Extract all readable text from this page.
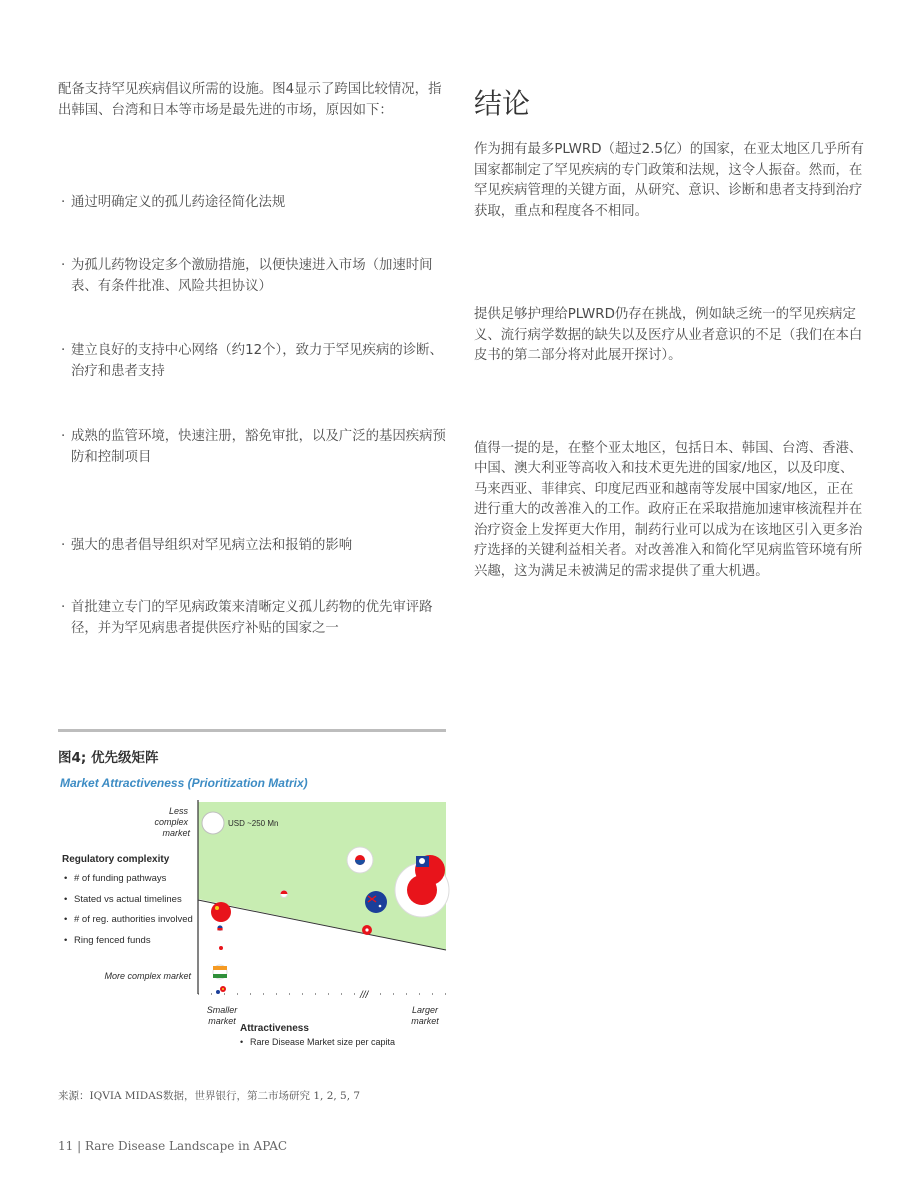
配备支持罕见疾病倡议所需的设施。图4显示了跨国比较情况，指出韩国、台湾和日本等市场是最先进的市场，原因如下：

· 通过明确定义的孤儿药途径简化法规
· 为孤儿药物设定多个激励措施，以便快速进入市场（加速时间表、有条件批准、风险共担协议）
· 建立良好的支持中心网络（约12个），致力于罕见疾病的诊断、治疗和患者支持
· 成熟的监管环境，快速注册，豁免审批，以及广泛的基因疾病预防和控制项目
· 强大的患者倡导组织对罕见病立法和报销的影响
· 首批建立专门的罕见病政策来清晰定义孤儿药物的优先审评路径，并为罕见病患者提供医疗补贴的国家之一
结论

作为拥有最多PLWRD（超过2.5亿）的国家，在亚太地区几乎所有国家都制定了罕见疾病的专门政策和法规，这令人振奋。然而，在罕见疾病管理的关键方面，从研究、意识、诊断和患者支持到治疗获取，重点和程度各不相同。

提供足够护理给PLWRD仍存在挑战，例如缺乏统一的罕见疾病定义、流行病学数据的缺失以及医疗从业者意识的不足（我们在本白皮书的第二部分将对此展开探讨）。

值得一提的是，在整个亚太地区，包括日本、韩国、台湾、香港、中国、澳大利亚等高收入和技术更先进的国家/地区，以及印度、马来西亚、菲律宾、印度尼西亚和越南等发展中国家/地区，正在进行重大的改善准入的工作。政府正在采取措施加速审核流程并在治疗资金上发挥更大作用，制药行业可以成为在该地区引入更多治疗选择的关键利益相关者。对改善准入和简化罕见病监管环境有所兴趣，这为满足未被满足的需求提供了重大机遇。

图4; 优先级矩阵
Market Attractiveness (Prioritization Matrix)
Less
complex
market
Regulatory complexity
• # of funding pathways
• Stated vs actual timelines
• # of reg. authorities involved
• Ring fenced funds
More complex market
Smaller
market
Larger
market
Attractiveness
• Rare Disease Market size per capita
///
USD ~250 Mn
来源：IQVIA MIDAS数据，世界银行，第二市场研究 1, 2, 5, 7
11 | Rare Disease Landscape in APAC
